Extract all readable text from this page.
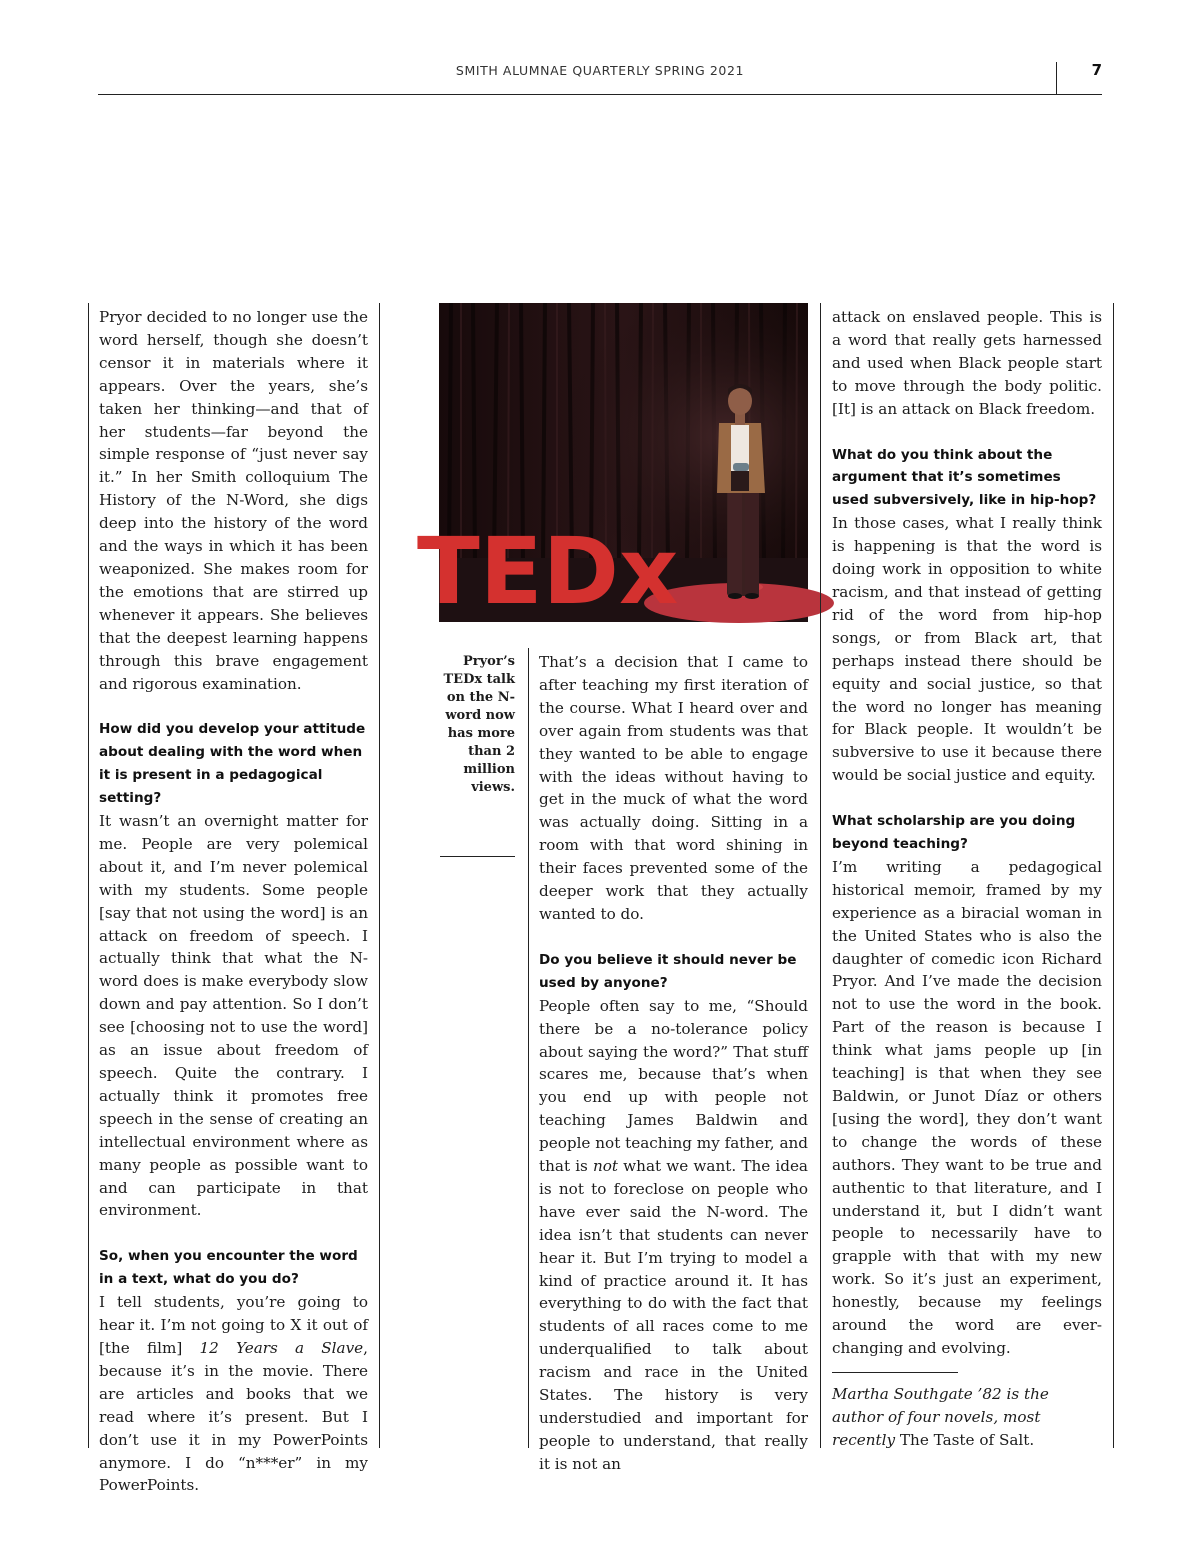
SMITH ALUMNAE QUARTERLY SPRING 2021	7

Pryor decided to no longer use the word herself, though she doesn’t censor it in materials where it appears. Over the years, she’s taken her thinking—and that of her students—far beyond the simple response of “just never say it.” In her Smith colloquium The History of the N-Word, she digs deep into the history of the word and the ways in which it has been weaponized. She makes room for the emotions that are stirred up whenever it appears. She believes that the deepest learning happens through this brave engagement and rigorous examination.

How did you develop your attitude about dealing with the word when it is present in a pedagogical setting?

It wasn’t an overnight matter for me. People are very polemical about it, and I’m never polemical with my students. Some people [say that not using the word] is an attack on freedom of speech. I actually think that what the N-word does is make everybody slow down and pay attention. So I don’t see [choosing not to use the word] as an issue about freedom of speech. Quite the contrary. I actually think it promotes free speech in the sense of creating an intellectual environment where as many people as possible want to and can participate in that environment.

So, when you encounter the word in a text, what do you do?

I tell students, you’re going to hear it. I’m not going to X it out of [the film] 12 Years a Slave, because it’s in the movie. There are articles and books that we read where it’s present. But I don’t use it in my PowerPoints anymore. I do “n***er” in my PowerPoints.

TEDx
Pryor’s TEDx talk on the N-word now has more than 2 million views.

That’s a decision that I came to after teaching my first iteration of the course. What I heard over and over again from students was that they wanted to be able to engage with the ideas without having to get in the muck of what the word was actually doing. Sitting in a room with that word shining in their faces prevented some of the deeper work that they actually wanted to do.

Do you believe it should never be used by anyone?

People often say to me, “Should there be a no-tolerance policy about saying the word?” That stuff scares me, because that’s when you end up with people not teaching James Baldwin and people not teaching my father, and that is not what we want. The idea is not to foreclose on people who have ever said the N-word. The idea isn’t that students can never hear it. But I’m trying to model a kind of practice around it. It has everything to do with the fact that students of all races come to me underqualified to talk about racism and race in the United States. The history is very understudied and important for people to understand, that really it is not an

attack on enslaved people. This is a word that really gets harnessed and used when Black people start to move through the body politic. [It] is an attack on Black freedom.

What do you think about the argument that it’s sometimes used subversively, like in hip-hop?

In those cases, what I really think is happening is that the word is doing work in opposition to white racism, and that instead of getting rid of the word from hip-hop songs, or from Black art, that perhaps instead there should be equity and social justice, so that the word no longer has meaning for Black people. It wouldn’t be subversive to use it because there would be social justice and equity.

What scholarship are you doing beyond teaching?

I’m writing a pedagogical historical memoir, framed by my experience as a biracial woman in the United States who is also the daughter of comedic icon Richard Pryor. And I’ve made the decision not to use the word in the book. Part of the reason is because I think what jams people up [in teaching] is that when they see Baldwin, or Junot Díaz or others [using the word], they don’t want to change the words of these authors. They want to be true and authentic to that literature, and I understand it, but I didn’t want people to necessarily have to grapple with that with my new work. So it’s just an experiment, honestly, because my feelings around the word are ever-changing and evolving.

Martha Southgate ’82 is the author of four novels, most recently The Taste of Salt.
